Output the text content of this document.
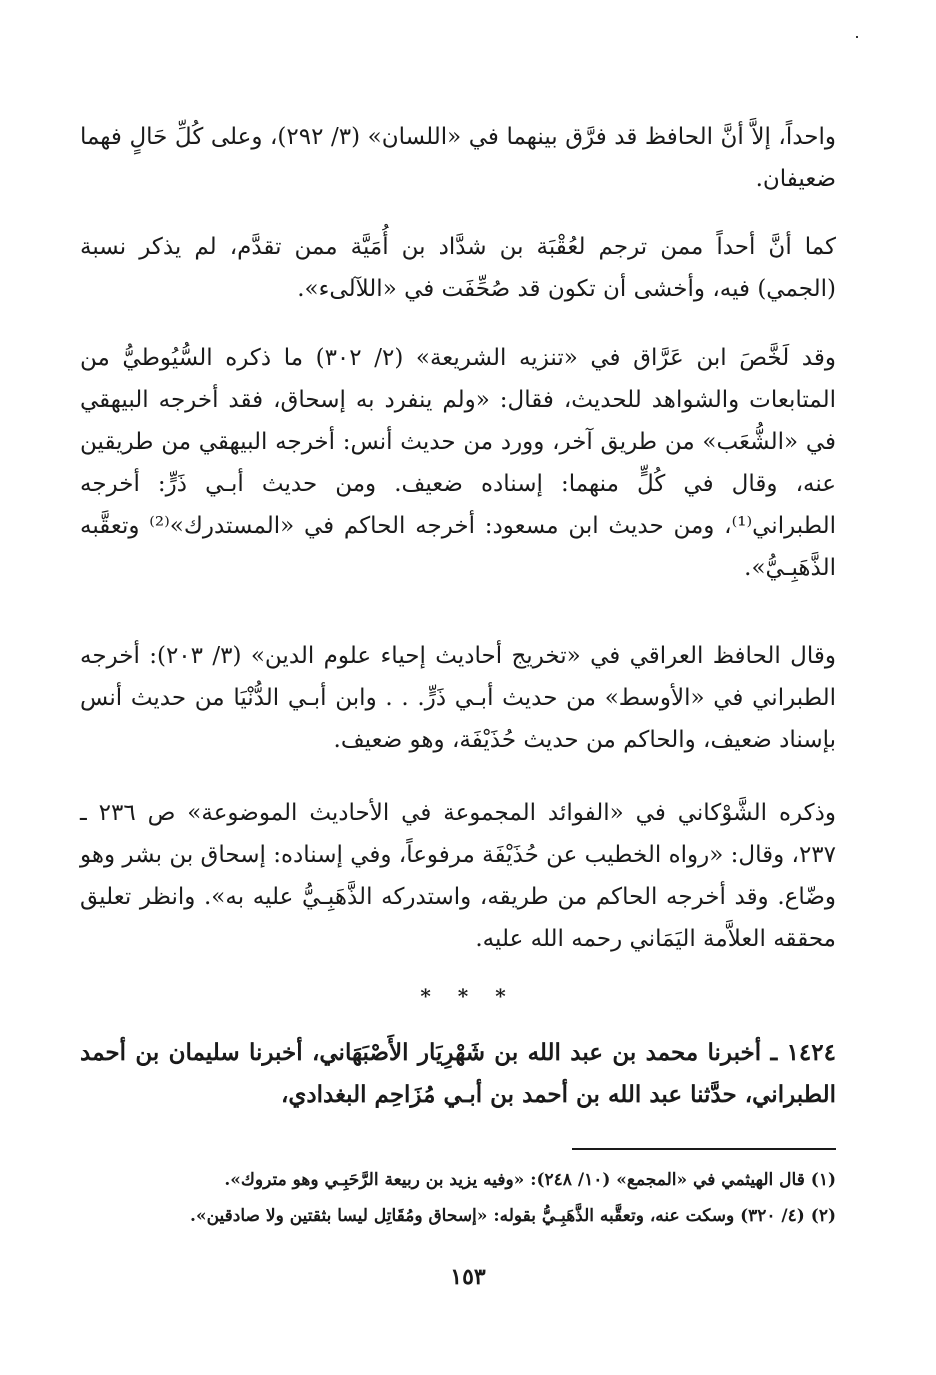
واحداً، إلاَّ أنَّ الحافظ قد فرَّق بينهما في «اللسان» (٣/ ٢٩٢)، وعلى كُلِّ حَالٍ فهما ضعيفان.

كما أنَّ أحداً ممن ترجم لعُقْبَة بن شدَّاد بن أُمَيَّة ممن تقدَّم، لم يذكر نسبة (الجمي) فيه، وأخشى أن تكون قد صُحِّفَت في «اللآلىء».

وقد لَخَّصَ ابن عَرَّاق في «تنزيه الشريعة» (٢/ ٣٠٢) ما ذكره السُّيُوطيُّ من المتابعات والشواهد للحديث، فقال: «ولم ينفرد به إسحاق، فقد أخرجه البيهقي في «الشُّعَب» من طريق آخر، وورد من حديث أنس: أخرجه البيهقي من طريقين عنه، وقال في كُلٍّ منهما: إسناده ضعيف. ومن حديث أبـي ذَرٍّ: أخرجه الطبراني⁽¹⁾، ومن حديث ابن مسعود: أخرجه الحاكم في «المستدرك»⁽²⁾ وتعقَّبه الذَّهَبِـيُّ».

وقال الحافظ العراقي في «تخريج أحاديث إحياء علوم الدين» (٣/ ٢٠٣): أخرجه الطبراني في «الأوسط» من حديث أبـي ذَرٍّ. . . وابن أبـي الدُّنْيَا من حديث أنس بإسناد ضعيف، والحاكم من حديث حُذَيْفَة، وهو ضعيف.

وذكره الشَّوْكاني في «الفوائد المجموعة في الأحاديث الموضوعة» ص ٢٣٦ ـ ٢٣٧، وقال: «رواه الخطيب عن حُذَيْفَة مرفوعاً، وفي إسناده: إسحاق بن بشر وهو وضّاع. وقد أخرجه الحاكم من طريقه، واستدركه الذَّهَبِـيُّ عليه به». وانظر تعليق محققه العلاَّمة اليَمَاني رحمه الله عليه.

* * *

١٤٢٤ ـ أخبرنا محمد بن عبد الله بن شَهْرِيَار الأَصْبَهَاني، أخبرنا سليمان بن أحمد الطبراني، حدَّثنا عبد الله بن أحمد بن أبـي مُزَاحِم البغدادي،

(١) قال الهيثمي في «المجمع» (١٠/ ٢٤٨): «وفيه يزيد بن ربيعة الرَّحَبِـي وهو متروك».

(٢) (٤/ ٣٢٠) وسكت عنه، وتعقَّبه الذَّهَبِـيُّ بقوله: «إسحاق ومُقَاتِل ليسا بثقتين ولا صادقين».

١٥٣
